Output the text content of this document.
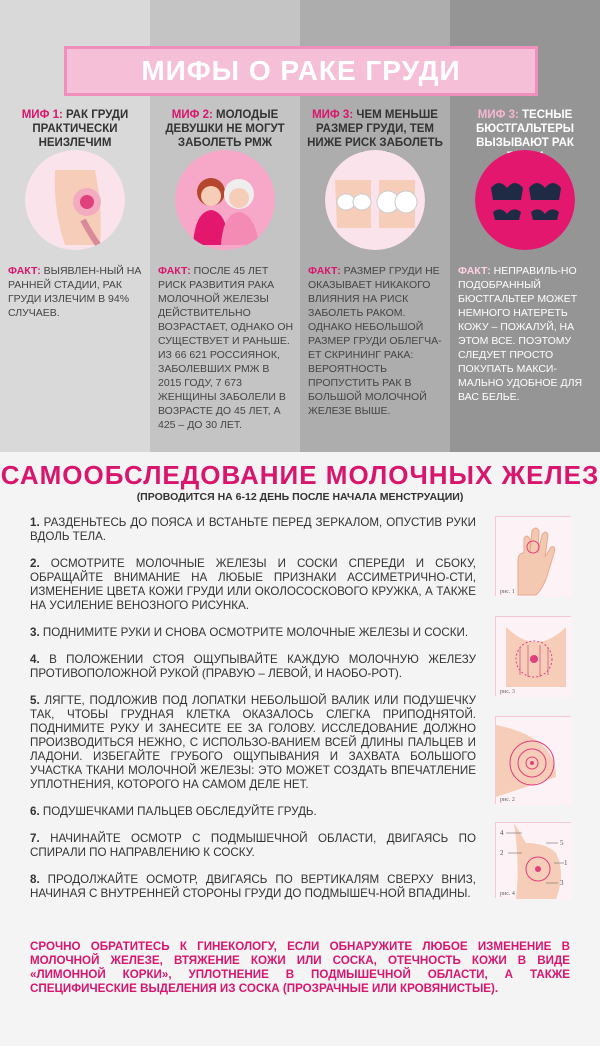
МИФ 1: РАК ГРУДИ ПРАКТИЧЕСКИ НЕИЗЛЕЧИМ
ФАКТ: ВЫЯВЛЕН-НЫЙ НА РАННЕЙ СТАДИИ, РАК ГРУДИ ИЗЛЕЧИМ В 94% СЛУЧАЕВ.
МИФ 2: МОЛОДЫЕ ДЕВУШКИ НЕ МОГУТ ЗАБОЛЕТЬ РМЖ
ФАКТ: ПОСЛЕ 45 ЛЕТ РИСК РАЗВИТИЯ РАКА МОЛОЧНОЙ ЖЕЛЕЗЫ ДЕЙСТВИТЕЛЬНО ВОЗРАСТАЕТ, ОДНАКО ОН СУЩЕСТВУЕТ И РАНЬШЕ. ИЗ 66 621 РОССИЯНОК, ЗАБОЛЕВШИХ РМЖ В 2015 ГОДУ, 7 673 ЖЕНЩИНЫ ЗАБОЛЕЛИ В ВОЗРАСТЕ ДО 45 ЛЕТ, А 425 – ДО 30 ЛЕТ.
МИФ 3: ЧЕМ МЕНЬШЕ РАЗМЕР ГРУДИ, ТЕМ НИЖЕ РИСК ЗАБОЛЕТЬ
ФАКТ: РАЗМЕР ГРУДИ НЕ ОКАЗЫВАЕТ НИКАКОГО ВЛИЯНИЯ НА РИСК ЗАБОЛЕТЬ РАКОМ. ОДНАКО НЕБОЛЬШОЙ РАЗМЕР ГРУДИ ОБЛЕГЧА-ЕТ СКРИНИНГ РАКА: ВЕРОЯТНОСТЬ ПРОПУСТИТЬ РАК В БОЛЬШОЙ МОЛОЧНОЙ ЖЕЛЕЗЕ ВЫШЕ.
МИФ 3: ТЕСНЫЕ БЮСТГАЛЬТЕРЫ ВЫЗЫВАЮТ РАК
ФАКТ: НЕПРАВИЛЬ-НО ПОДОБРАННЫЙ БЮСТГАЛЬТЕР МОЖЕТ НЕМНОГО НАТЕРЕТЬ КОЖУ – ПОЖАЛУЙ, НА ЭТОМ ВСЕ. ПОЭТОМУ СЛЕДУЕТ ПРОСТО ПОКУПАТЬ МАКСИ-МАЛЬНО УДОБНОЕ ДЛЯ ВАС БЕЛЬЕ.
МИФЫ О РАКЕ ГРУДИ
САМООБСЛЕДОВАНИЕ МОЛОЧНЫХ ЖЕЛЕЗ
(ПРОВОДИТСЯ НА 6-12 ДЕНЬ ПОСЛЕ НАЧАЛА МЕНСТРУАЦИИ)

1. РАЗДЕНЬТЕСЬ ДО ПОЯСА И ВСТАНЬТЕ ПЕРЕД ЗЕРКАЛОМ, ОПУСТИВ РУКИ ВДОЛЬ ТЕЛА.

2. ОСМОТРИТЕ МОЛОЧНЫЕ ЖЕЛЕЗЫ И СОСКИ СПЕРЕДИ И СБОКУ, ОБРАЩАЙТЕ ВНИМАНИЕ НА ЛЮБЫЕ ПРИЗНАКИ АССИМЕТРИЧНО-СТИ, ИЗМЕНЕНИЕ ЦВЕТА КОЖИ ГРУДИ ИЛИ ОКОЛОСОСКОВОГО КРУЖКА, А ТАКЖЕ НА УСИЛЕНИЕ ВЕНОЗНОГО РИСУНКА.

3. ПОДНИМИТЕ РУКИ И СНОВА ОСМОТРИТЕ МОЛОЧНЫЕ ЖЕЛЕЗЫ И СОСКИ.

4. В ПОЛОЖЕНИИ СТОЯ ОЩУПЫВАЙТЕ КАЖДУЮ МОЛОЧНУЮ ЖЕЛЕЗУ ПРОТИВОПОЛОЖНОЙ РУКОЙ (ПРАВУЮ – ЛЕВОЙ, И НАОБО-РОТ).

5. ЛЯГТЕ, ПОДЛОЖИВ ПОД ЛОПАТКИ НЕБОЛЬШОЙ ВАЛИК ИЛИ ПОДУШЕЧКУ ТАК, ЧТОБЫ ГРУДНАЯ КЛЕТКА ОКАЗАЛОСЬ СЛЕГКА ПРИПОДНЯТОЙ. ПОДНИМИТЕ РУКУ И ЗАНЕСИТЕ ЕЕ ЗА ГОЛОВУ. ИССЛЕДОВАНИЕ ДОЛЖНО ПРОИЗВОДИТЬСЯ НЕЖНО, С ИСПОЛЬЗО-ВАНИЕМ ВСЕЙ ДЛИНЫ ПАЛЬЦЕВ И ЛАДОНИ. ИЗБЕГАЙТЕ ГРУБОГО ОЩУПЫВАНИЯ И ЗАХВАТА БОЛЬШОГО УЧАСТКА ТКАНИ МОЛОЧНОЙ ЖЕЛЕЗЫ: ЭТО МОЖЕТ СОЗДАТЬ ВПЕЧАТЛЕНИЕ УПЛОТНЕНИЯ, КОТОРОГО НА САМОМ ДЕЛЕ НЕТ.

6. ПОДУШЕЧКАМИ ПАЛЬЦЕВ ОБСЛЕДУЙТЕ ГРУДЬ.

7. НАЧИНАЙТЕ ОСМОТР С ПОДМЫШЕЧНОЙ ОБЛАСТИ, ДВИГАЯСЬ ПО СПИРАЛИ ПО НАПРАВЛЕНИЮ К СОСКУ.

8. ПРОДОЛЖАЙТЕ ОСМОТР, ДВИГАЯСЬ ПО ВЕРТИКАЛЯМ СВЕРХУ ВНИЗ, НАЧИНАЯ С ВНУТРЕННЕЙ СТОРОНЫ ГРУДИ ДО ПОДМЫШЕЧ-НОЙ ВПАДИНЫ.

рис. 1
рис. 3
рис. 2
4
2
5
1
3
рис. 4
СРОЧНО ОБРАТИТЕСЬ К ГИНЕКОЛОГУ, ЕСЛИ ОБНАРУЖИТЕ ЛЮБОЕ ИЗМЕНЕНИЕ В МОЛОЧНОЙ ЖЕЛЕЗЕ, ВТЯЖЕНИЕ КОЖИ ИЛИ СОСКА, ОТЕЧНОСТЬ КОЖИ В ВИДЕ «ЛИМОННОЙ КОРКИ», УПЛОТНЕНИЕ В ПОДМЫШЕЧНОЙ ОБЛАСТИ, А ТАКЖЕ СПЕЦИФИЧЕСКИЕ ВЫДЕЛЕНИЯ ИЗ СОСКА (ПРОЗРАЧНЫЕ ИЛИ КРОВЯНИСТЫЕ).
